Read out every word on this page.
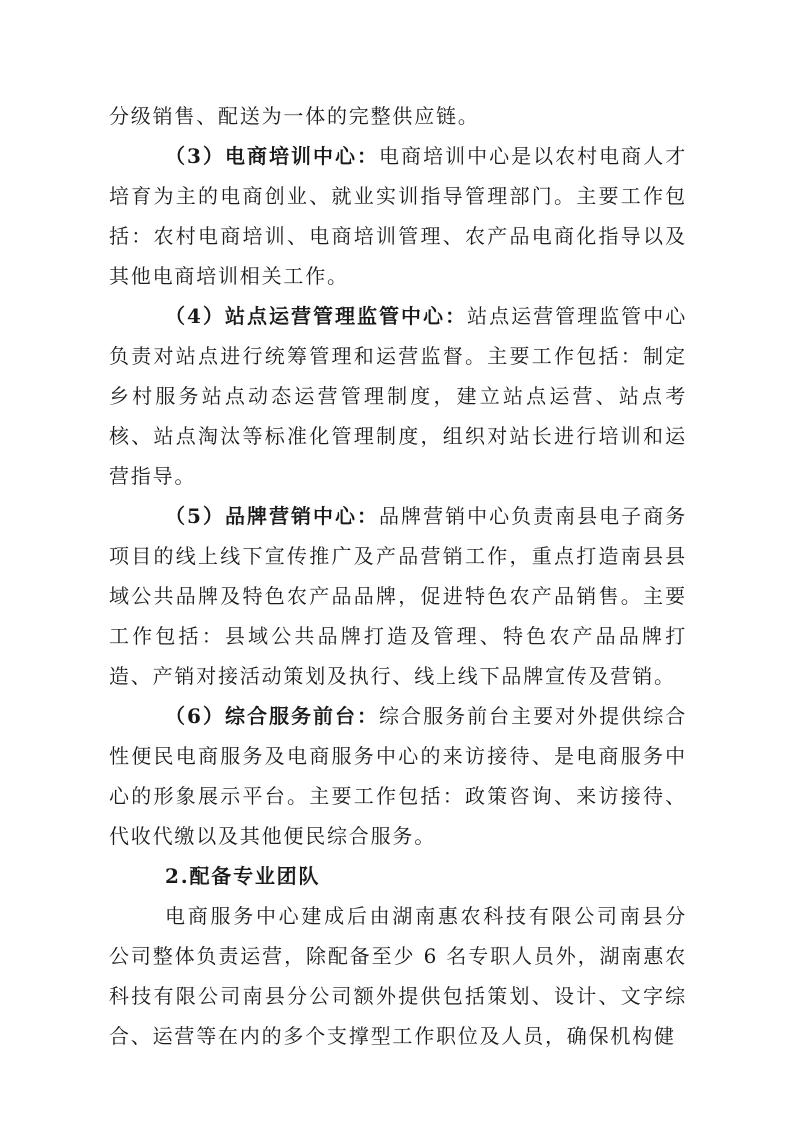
分级销售、配送为一体的完整供应链。

（3）电商培训中心：电商培训中心是以农村电商人才培育为主的电商创业、就业实训指导管理部门。主要工作包括：农村电商培训、电商培训管理、农产品电商化指导以及其他电商培训相关工作。

（4）站点运营管理监管中心：站点运营管理监管中心负责对站点进行统筹管理和运营监督。主要工作包括：制定乡村服务站点动态运营管理制度，建立站点运营、站点考核、站点淘汰等标准化管理制度，组织对站长进行培训和运营指导。

（5）品牌营销中心：品牌营销中心负责南县电子商务项目的线上线下宣传推广及产品营销工作，重点打造南县县域公共品牌及特色农产品品牌，促进特色农产品销售。主要工作包括：县域公共品牌打造及管理、特色农产品品牌打造、产销对接活动策划及执行、线上线下品牌宣传及营销。

（6）综合服务前台：综合服务前台主要对外提供综合性便民电商服务及电商服务中心的来访接待、是电商服务中心的形象展示平台。主要工作包括：政策咨询、来访接待、代收代缴以及其他便民综合服务。

2.配备专业团队

电商服务中心建成后由湖南惠农科技有限公司南县分公司整体负责运营，除配备至少 6 名专职人员外，湖南惠农科技有限公司南县分公司额外提供包括策划、设计、文字综合、运营等在内的多个支撑型工作职位及人员，确保机构健
